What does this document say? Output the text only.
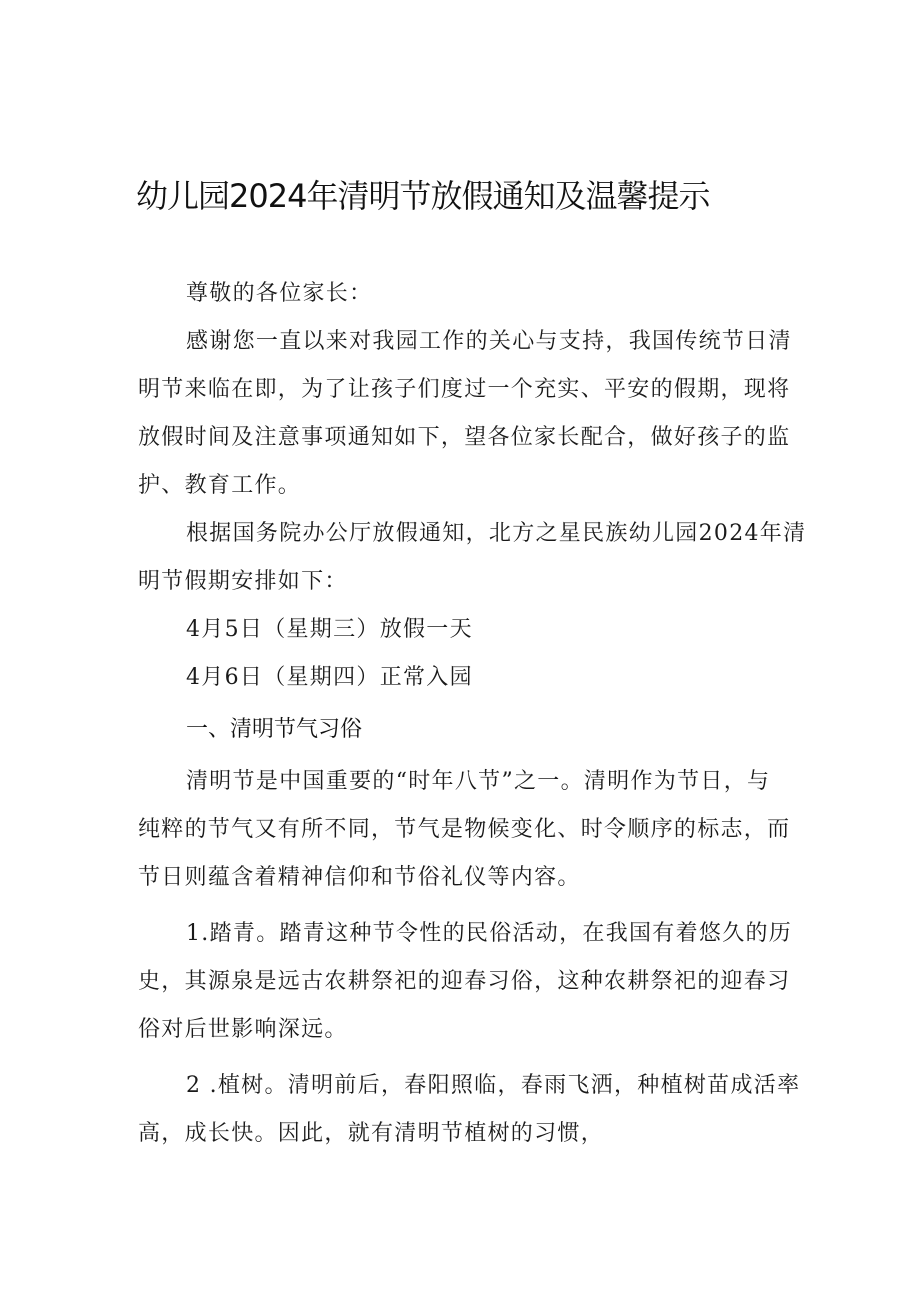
幼儿园2024年清明节放假通知及温馨提示

尊敬的各位家长：

感谢您一直以来对我园工作的关心与支持，我国传统节日清
明节来临在即，为了让孩子们度过一个充实、平安的假期，现将
放假时间及注意事项通知如下，望各位家长配合，做好孩子的监
护、教育工作。

根据国务院办公厅放假通知，北方之星民族幼儿园2024年清
明节假期安排如下：

4月5日（星期三）放假一天

4月6日（星期四）正常入园

一、清明节气习俗

清明节是中国重要的“时年八节”之一。清明作为节日，与
纯粹的节气又有所不同，节气是物候变化、时令顺序的标志，而
节日则蕴含着精神信仰和节俗礼仪等内容。

1.踏青。踏青这种节令性的民俗活动，在我国有着悠久的历
史，其源泉是远古农耕祭祀的迎春习俗，这种农耕祭祀的迎春习
俗对后世影响深远。

2 .植树。清明前后，春阳照临，春雨飞洒，种植树苗成活率
高，成长快。因此，就有清明节植树的习惯，
